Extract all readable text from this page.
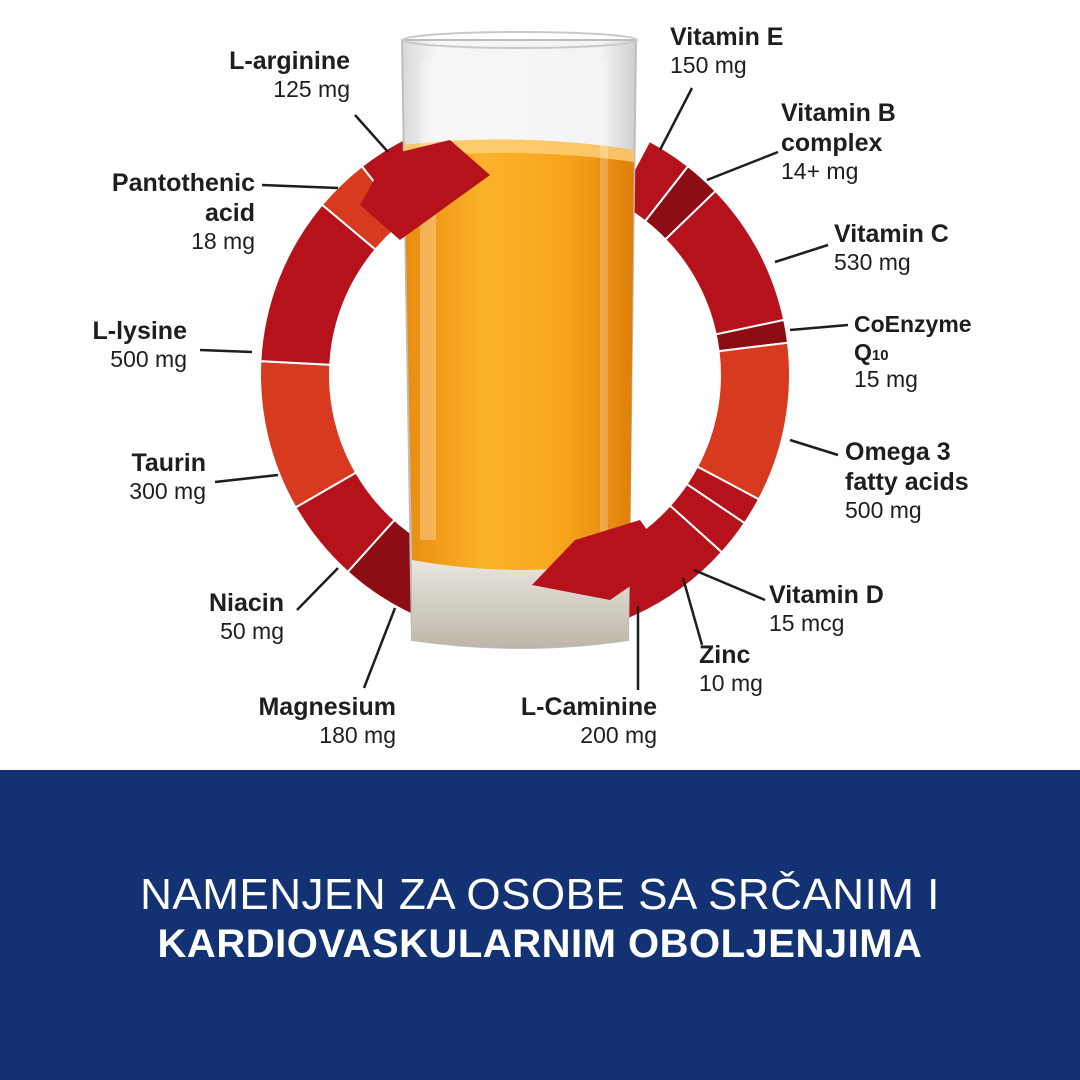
L-arginine
125 mg
Pantothenic
acid
18 mg
L-lysine
500 mg
Taurin
300 mg
Niacin
50 mg
Magnesium
180 mg
L-Caminine
200 mg
Zinc
10 mg
Vitamin D
15 mcg
Omega 3
fatty acids
500 mg
CoEnzyme
Q10
15 mg
Vitamin C
530 mg
Vitamin B
complex
14+ mg
Vitamin E
150 mg
NAMENJEN ZA OSOBE SA SRČANIM I
KARDIOVASKULARNIM OBOLJENJIMA
